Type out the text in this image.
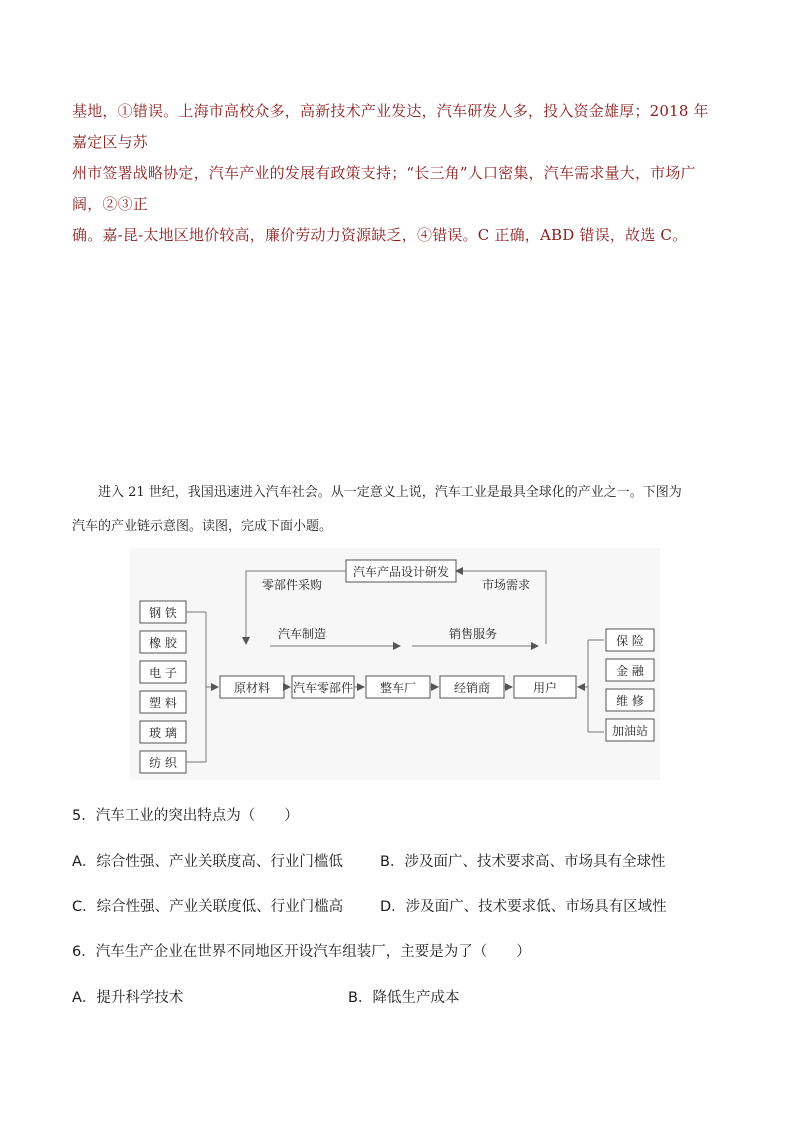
基地，①错误。上海市高校众多，高新技术产业发达，汽车研发人多，投入资金雄厚；2018 年嘉定区与苏

州市签署战略协定，汽车产业的发展有政策支持；“长三角”人口密集，汽车需求量大，市场广阔，②③正

确。嘉-昆-太地区地价较高，廉价劳动力资源缺乏，④错误。C 正确，ABD 错误，故选 C。

进入 21 世纪，我国迅速进入汽车社会。从一定意义上说，汽车工业是最具全球化的产业之一。下图为

汽车的产业链示意图。读图，完成下面小题。

汽车产品设计研发
零部件采购	市场需求
汽车制造	销售服务
钢 铁
橡 胶
电 子
塑 料
玻 璃
纺 织
原材料 汽车零部件 整车厂	经销商	用户
保 险
金 融
维 修
加油站
5．汽车工业的突出特点为（　　）
A．综合性强、产业关联度高、行业门槛低	B．涉及面广、技术要求高、市场具有全球性
C．综合性强、产业关联度低、行业门槛高	D．涉及面广、技术要求低、市场具有区域性
6．汽车生产企业在世界不同地区开设汽车组装厂，主要是为了（　　）
A．提升科学技术	B．降低生产成本
